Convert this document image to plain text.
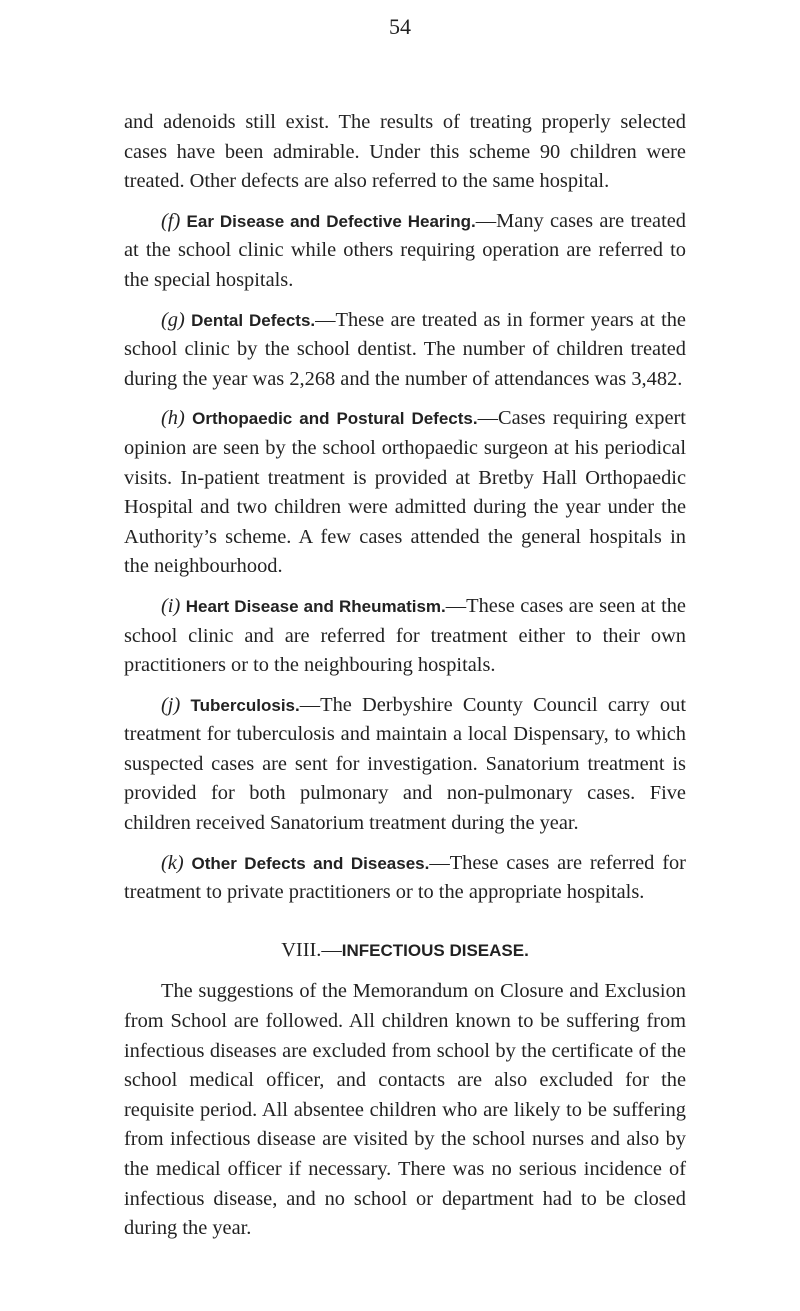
54

and adenoids still exist. The results of treating properly selected cases have been admirable. Under this scheme 90 children were treated. Other defects are also referred to the same hospital.

(f) Ear Disease and Defective Hearing.—Many cases are treated at the school clinic while others requiring operation are referred to the special hospitals.

(g) Dental Defects.—These are treated as in former years at the school clinic by the school dentist. The number of children treated during the year was 2,268 and the number of attendances was 3,482.

(h) Orthopaedic and Postural Defects.—Cases requiring expert opinion are seen by the school orthopaedic surgeon at his periodical visits. In-patient treatment is provided at Bretby Hall Orthopaedic Hospital and two children were admitted during the year under the Authority’s scheme. A few cases attended the general hospitals in the neighbourhood.

(i) Heart Disease and Rheumatism.—These cases are seen at the school clinic and are referred for treatment either to their own practitioners or to the neighbouring hospitals.

(j) Tuberculosis.—The Derbyshire County Council carry out treatment for tuberculosis and maintain a local Dispensary, to which suspected cases are sent for investigation. Sanatorium treatment is provided for both pulmonary and non-pulmonary cases. Five children received Sanatorium treatment during the year.

(k) Other Defects and Diseases.—These cases are referred for treatment to private practitioners or to the appropriate hospitals.

VIII.—INFECTIOUS DISEASE.

The suggestions of the Memorandum on Closure and Exclusion from School are followed. All children known to be suffering from infectious diseases are excluded from school by the certificate of the school medical officer, and contacts are also excluded for the requisite period. All absentee children who are likely to be suffering from infectious disease are visited by the school nurses and also by the medical officer if necessary. There was no serious incidence of infectious disease, and no school or department had to be closed during the year.
